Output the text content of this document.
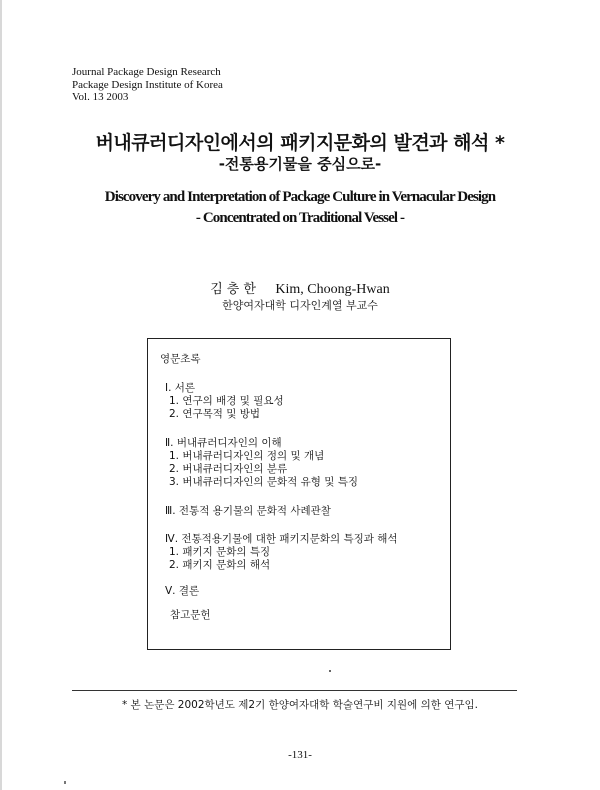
Journal Package Design Research
Package Design Institute of Korea
Vol. 13 2003
버내큐러디자인에서의 패키지문화의 발견과 해석 *
-전통용기물을 중심으로-
Discovery and Interpretation of Package Culture in Vernacular Design
- Concentrated on Traditional Vessel -
김충한 Kim, Choong-Hwan
한양여자대학 디자인계열 부교수
영문초록
Ⅰ. 서론
1. 연구의 배경 및 필요성
2. 연구목적 및 방법
Ⅱ. 버내큐러디자인의 이해
1. 버내큐러디자인의 정의 및 개념
2. 버내큐러디자인의 분류
3. 버내큐러디자인의 문화적 유형 및 특징
Ⅲ. 전통적 용기물의 문화적 사례관찰
Ⅳ. 전통적용기물에 대한 패키지문화의 특징과 해석
1. 패키지 문화의 특징
2. 패키지 문화의 해석
Ⅴ. 결론
참고문헌
* 본 논문은 2002학년도 제2기 한양여자대학 학술연구비 지원에 의한 연구임.
-131-
